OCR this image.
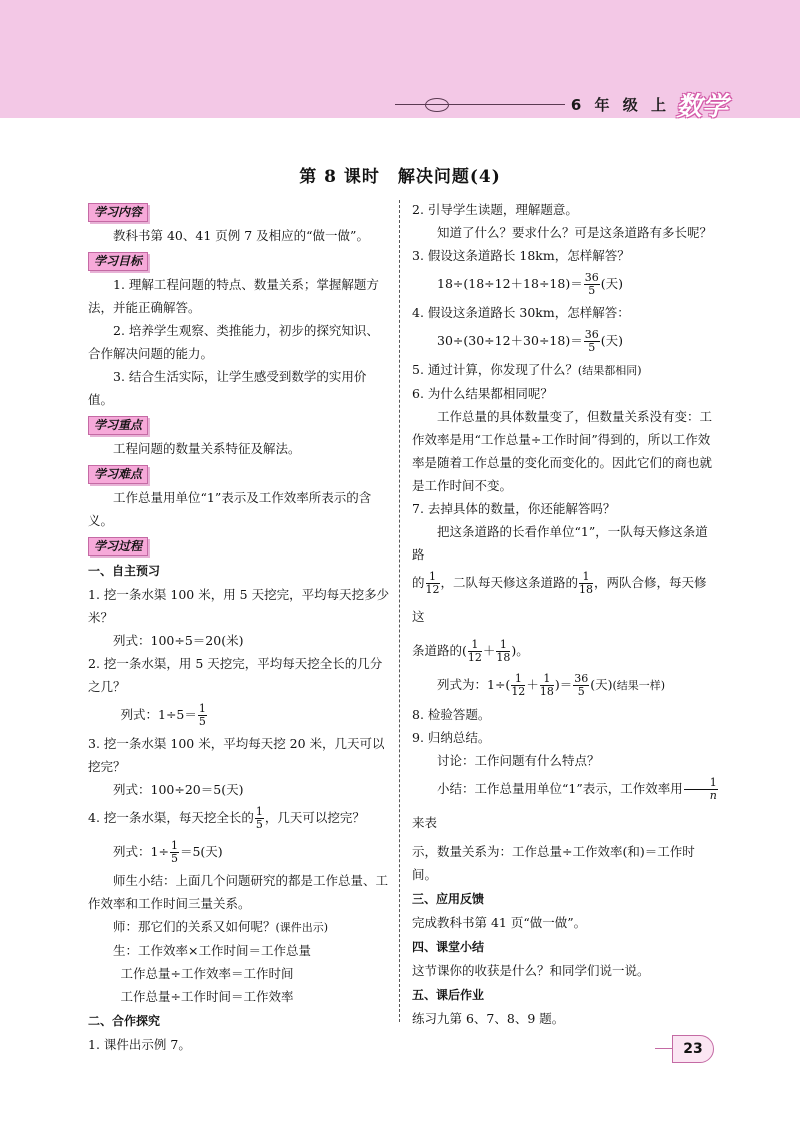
6 年 级 上 数学
第 8 课时　解决问题(4)
学习内容

教科书第 40、41 页例 7 及相应的“做一做”。

学习目标

1. 理解工程问题的特点、数量关系；掌握解题方法，并能正确解答。

2. 培养学生观察、类推能力，初步的探究知识、合作解决问题的能力。

3. 结合生活实际，让学生感受到数学的实用价值。

学习重点

工程问题的数量关系特征及解法。

学习难点

工作总量用单位“1”表示及工作效率所表示的含义。

学习过程

一、自主预习

1. 挖一条水渠 100 米，用 5 天挖完，平均每天挖多少米？

列式：100÷5＝20(米)

2. 挖一条水渠，用 5 天挖完，平均每天挖全长的几分之几？

列式：$1\div 5= \frac{1}{5}$

3. 挖一条水渠 100 米，平均每天挖 20 米，几天可以挖完？

列式：100÷20＝5(天)

4. 挖一条水渠，每天挖全长的 $\frac{1}{5}$ ，几天可以挖完？

列式：$1\div \frac{1}{5} =5$(天)

师生小结：上面几个问题研究的都是工作总量、工作效率和工作时间三量关系。

师：那它们的关系又如何呢？(课件出示)

生：工作效率×工作时间＝工作总量

工作总量÷工作效率＝工作时间

工作总量÷工作时间＝工作效率

二、合作探究

1. 课件出示例 7。

2. 引导学生读题，理解题意。

知道了什么？要求什么？可是这条道路有多长呢？

3. 假设这条道路长 18km，怎样解答？

$18\div(18\div 12+18\div 18)= \frac{36}{5}$ (天)

4. 假设这条道路长 30km，怎样解答：

$30\div(30\div 12+30\div 18)= \frac{36}{5}$ (天)

5. 通过计算，你发现了什么？(结果都相同)

6. 为什么结果都相同呢？

工作总量的具体数量变了，但数量关系没有变：工作效率是用“工作总量÷工作时间”得到的，所以工作效率是随着工作总量的变化而变化的。因此它们的商也就是工作时间不变。

7. 去掉具体的数量，你还能解答吗？

把这条道路的长看作单位“1”，一队每天修这条道路

的 $\frac{1}{12}$ ，二队每天修这条道路的 $\frac{1}{18}$ ，两队合修，每天修这

条道路的( $\frac{1}{12} + \frac{1}{18}$ )。

列式为：$1\div( \frac{1}{12} + \frac{1}{18}$ )＝ $\frac{36}{5}$ (天)(结果一样)

8. 检验答题。

9. 归纳总结。

讨论：工作问题有什么特点？

小结：工作总量用单位“1”表示，工作效率用 $\frac{1}{n}$
来表

示，数量关系为：工作总量÷工作效率(和)＝工作时间。

三、应用反馈

完成教科书第 41 页“做一做”。

四、课堂小结

这节课你的收获是什么？和同学们说一说。

五、课后作业

练习九第 6、7、8、9 题。

23
